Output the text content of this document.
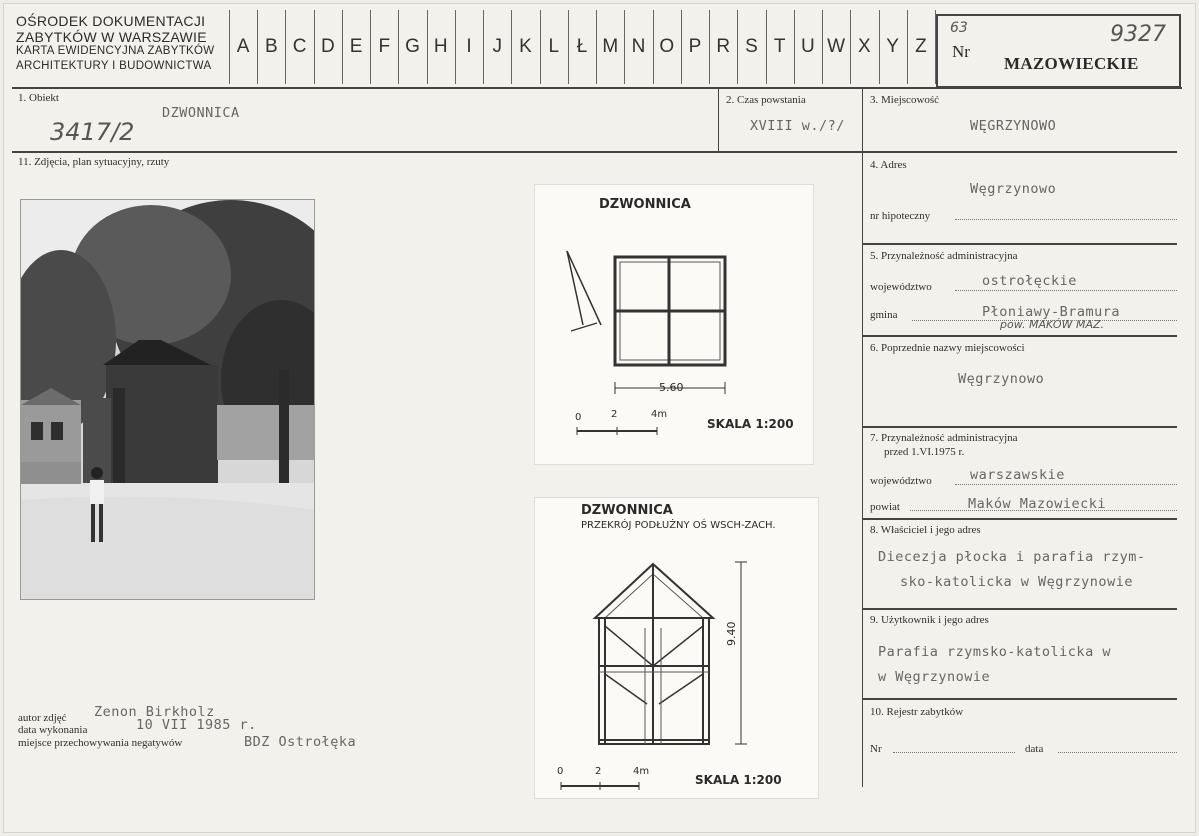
OŚRODEK DOKUMENTACJI
ZABYTKÓW W WARSZAWIE
KARTA EWIDENCYJNA ZABYTKÓW
ARCHITEKTURY I BUDOWNICTWA
A B C D E F G H I	J K L Ł M N O P R S T U W X Y Z	Nr
63	9327
MAZOWIECKIE
1. Obiekt
DZWONNICA
3417/2
2. Czas powstania
XVIII w./?/
3. Miejscowość
WĘGRZYNOWO
11. Zdjęcia, plan sytuacyjny, rzuty	4. Adres
Węgrzynowo
nr hipoteczny
5. Przynależność administracyjna
województwo	ostrołęckie
gmina	Płoniawy-Bramura
pow. MAKÓW MAZ.
6. Poprzednie nazwy miejscowości
Węgrzynowo
7. Przynależność administracyjna
przed 1.VI.1975 r.
województwo	warszawskie
powiat	Maków Mazowiecki
8. Właściciel i jego adres
Diecezja płocka i parafia rzym-
sko-katolicka w Węgrzynowie
9. Użytkownik i jego adres
Parafia rzymsko-katolicka w
w Węgrzynowie
10. Rejestr zabytków
Nr	data
DZWONNICA
5.60
0	2	4m
SKALA 1:200
DZWONNICA
PRZEKRÓJ PODŁUŻNY OŚ WSCH-ZACH.
9.40
0	2	4m
SKALA 1:200
autor zdjęć Zenon Birkholz
data wykonania	10 VII 1985 r.
miejsce przechowywania negatywów	BDZ Ostrołęka
